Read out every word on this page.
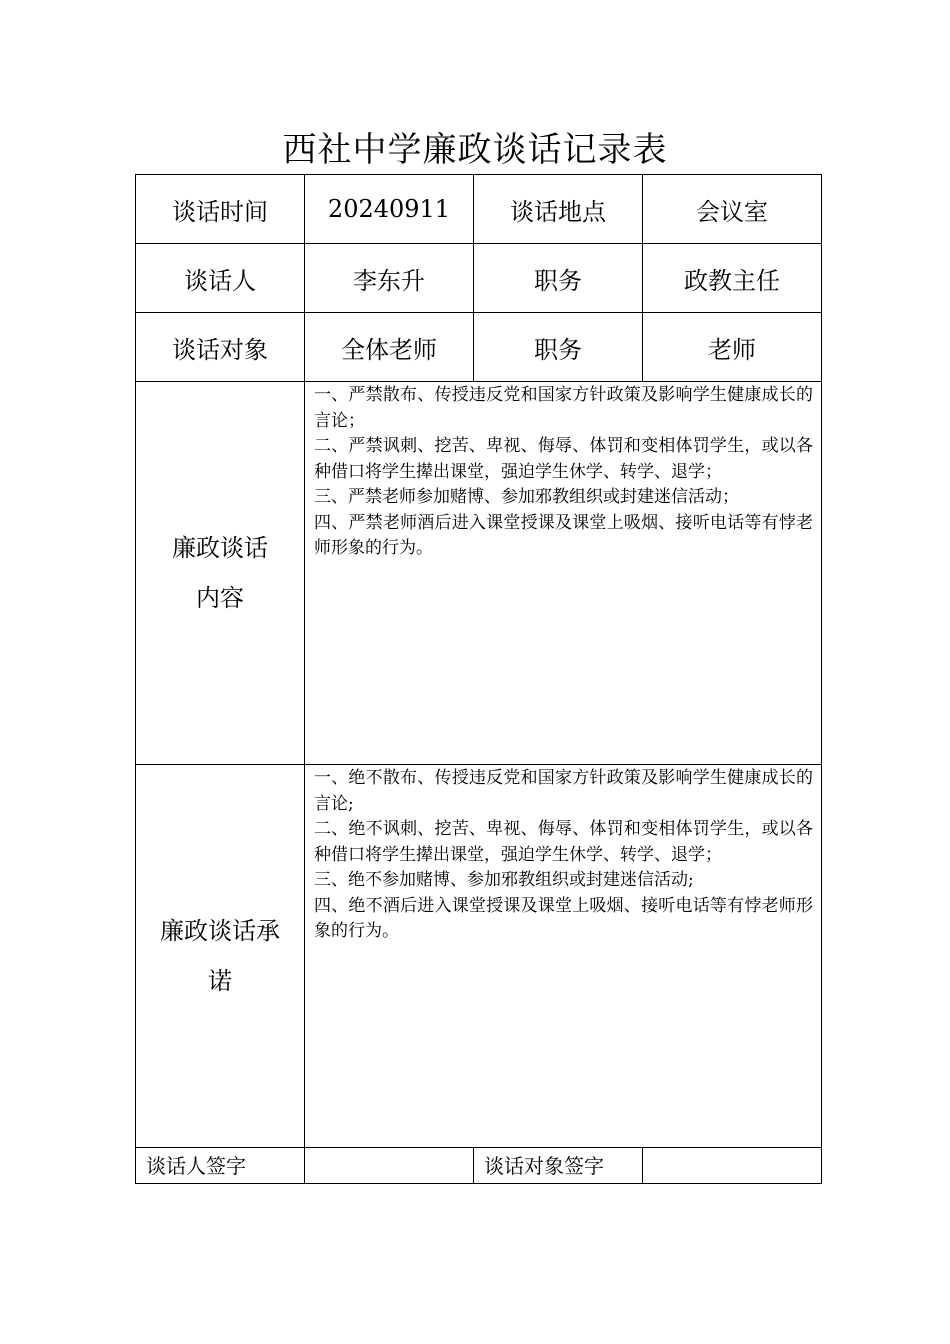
西社中学廉政谈话记录表
谈话时间	20240911	谈话地点	会议室
谈话人	李东升	职务	政教主任
谈话对象	全体老师	职务	老师

廉政谈话
内容	一、严禁散布、传授违反党和国家方针政策及影响学生健康成长的言论；
二、严禁讽刺、挖苦、卑视、侮辱、体罚和变相体罚学生，或以各种借口将学生撵出课堂，强迫学生休学、转学、退学；
三、严禁老师参加赌博、参加邪教组织或封建迷信活动；
四、严禁老师酒后进入课堂授课及课堂上吸烟、接听电话等有悖老师形象的行为。		

廉政谈话承
诺	一、绝不散布、传授违反党和国家方针政策及影响学生健康成长的言论;
二、绝不讽刺、挖苦、卑视、侮辱、体罚和变相体罚学生，或以各种借口将学生撵出课堂，强迫学生休学、转学、退学；
三、绝不参加赌博、参加邪教组织或封建迷信活动;
四、绝不酒后进入课堂授课及课堂上吸烟、接听电话等有悖老师形象的行为。		

谈话人签字		谈话对象签字	
